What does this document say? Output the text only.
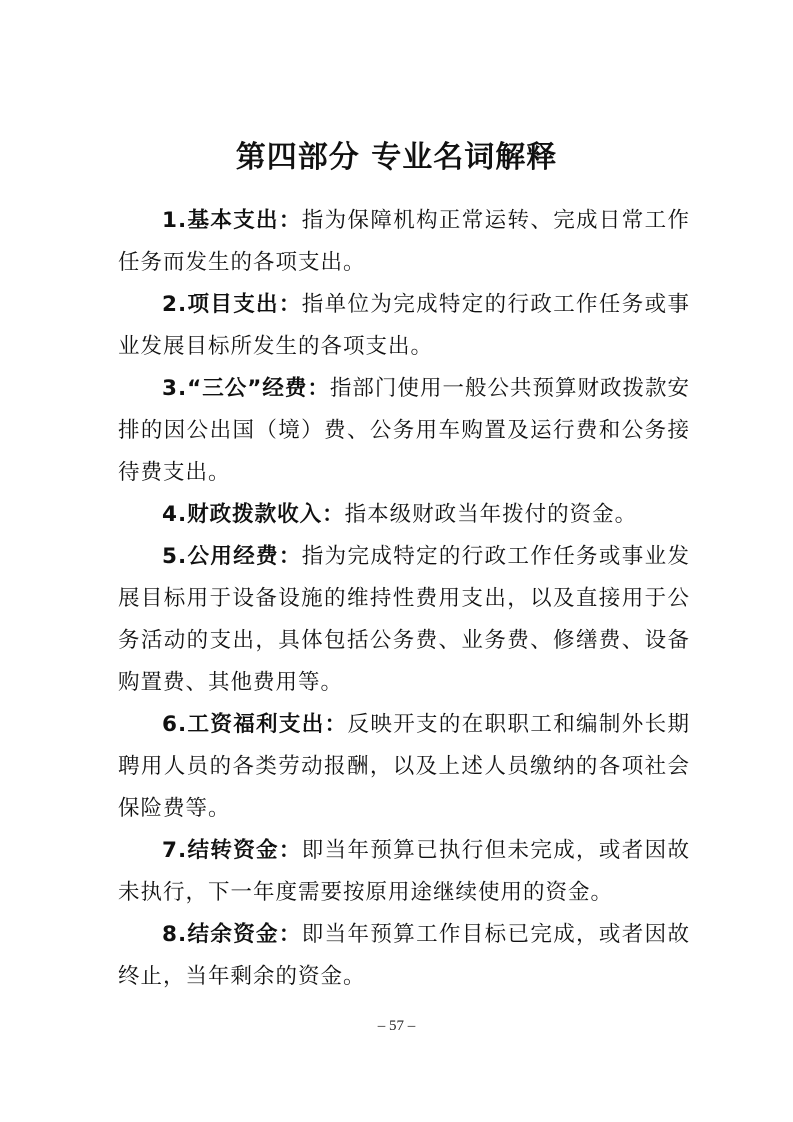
第四部分 专业名词解释

1.基本支出：指为保障机构正常运转、完成日常工作任务而发生的各项支出。

2.项目支出：指单位为完成特定的行政工作任务或事业发展目标所发生的各项支出。

3.“三公”经费：指部门使用一般公共预算财政拨款安排的因公出国（境）费、公务用车购置及运行费和公务接待费支出。

4.财政拨款收入：指本级财政当年拨付的资金。

5.公用经费：指为完成特定的行政工作任务或事业发展目标用于设备设施的维持性费用支出，以及直接用于公务活动的支出，具体包括公务费、业务费、修缮费、设备购置费、其他费用等。

6.工资福利支出：反映开支的在职职工和编制外长期聘用人员的各类劳动报酬，以及上述人员缴纳的各项社会保险费等。

7.结转资金：即当年预算已执行但未完成，或者因故未执行，下一年度需要按原用途继续使用的资金。

8.结余资金：即当年预算工作目标已完成，或者因故终止，当年剩余的资金。

– 57 –
